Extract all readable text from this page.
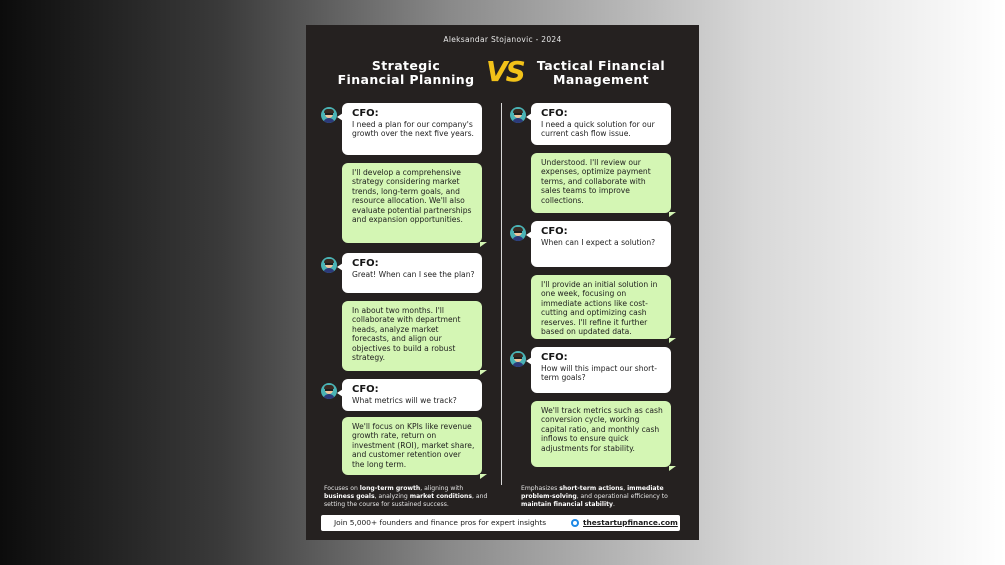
Aleksandar Stojanovic - 2024
Strategic
Financial Planning VS	Tactical Financial
Management
CFO:
I need a plan for our company's growth over the next five years.
I'll develop a comprehensive strategy considering market trends, long-term goals, and resource allocation. We'll also evaluate potential partnerships and expansion opportunities.
CFO:
Great! When can I see the plan?
In about two months. I'll collaborate with department heads, analyze market forecasts, and align our objectives to build a robust strategy.
CFO:
What metrics will we track?
We'll focus on KPIs like revenue growth rate, return on investment (ROI), market share, and customer retention over the long term.
CFO:
I need a quick solution for our current cash flow issue.
Understood. I'll review our expenses, optimize payment terms, and collaborate with sales teams to improve collections.
CFO:
When can I expect a solution?
I'll provide an initial solution in one week, focusing on immediate actions like cost-cutting and optimizing cash reserves. I'll refine it further based on updated data.
CFO:
How will this impact our short-term goals?
We'll track metrics such as cash conversion cycle, working capital ratio, and monthly cash inflows to ensure quick adjustments for stability.
Focuses on long-term growth, aligning with business goals, analyzing market conditions, and setting the course for sustained success.
Emphasizes short-term actions, immediate problem-solving, and operational efficiency to maintain financial stability.
Join 5,000+ founders and finance pros for expert insights	thestartupfinance.com
